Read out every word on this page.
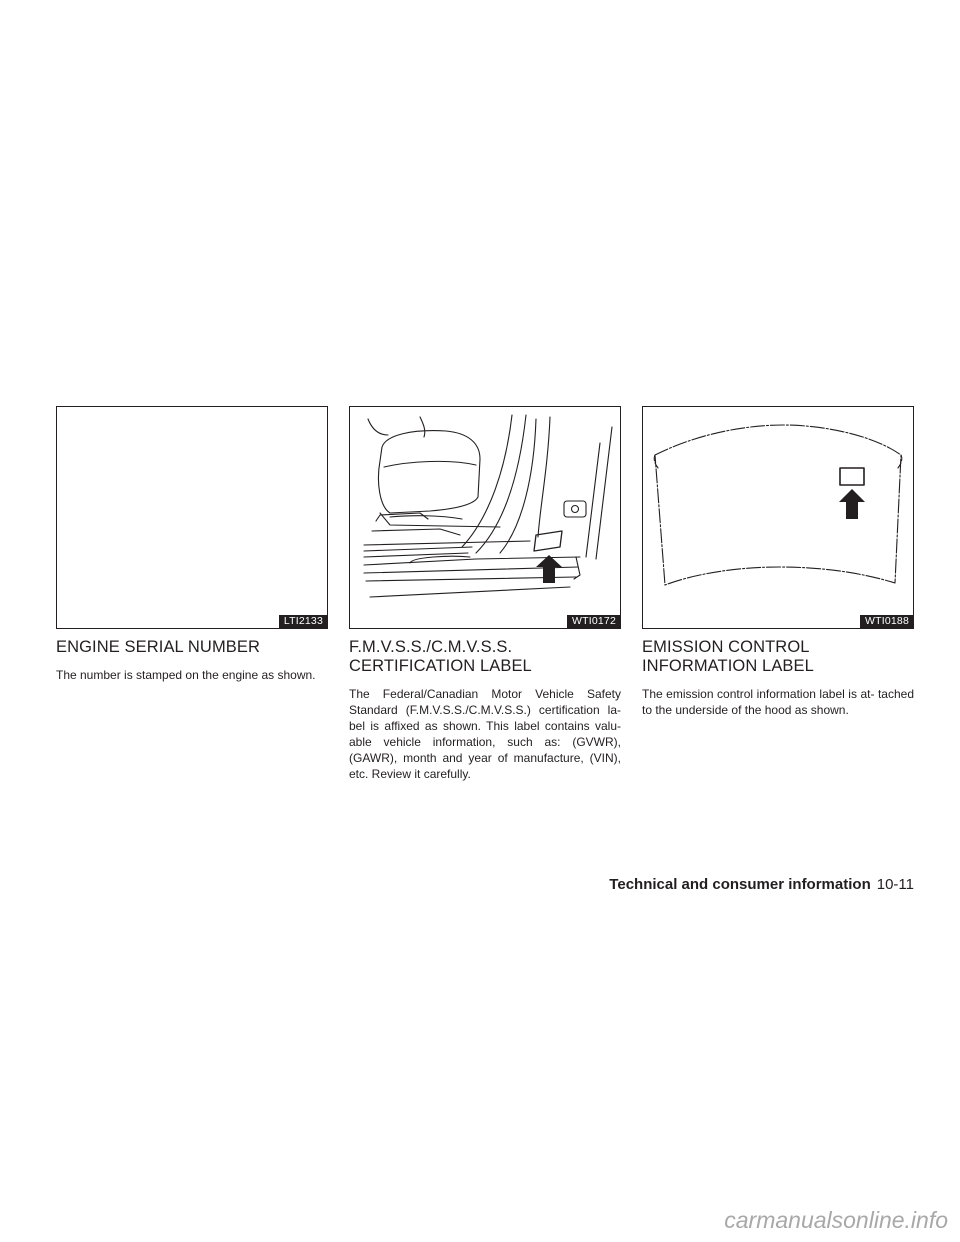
LTI2133
ENGINE SERIAL NUMBER

The number is stamped on the engine as shown.

WTI0172
F.M.V.S.S./C.M.V.S.S. CERTIFICATION LABEL

The Federal/Canadian Motor Vehicle Safety Standard (F.M.V.S.S./C.M.V.S.S.) certification la- bel is affixed as shown. This label contains valu- able vehicle information, such as: (GVWR), (GAWR), month and year of manufacture, (VIN), etc. Review it carefully.

WTI0188
EMISSION CONTROL INFORMATION LABEL

The emission control information label is at- tached to the underside of the hood as shown.

Technical and consumer information 10-11
carmanualsonline.info
